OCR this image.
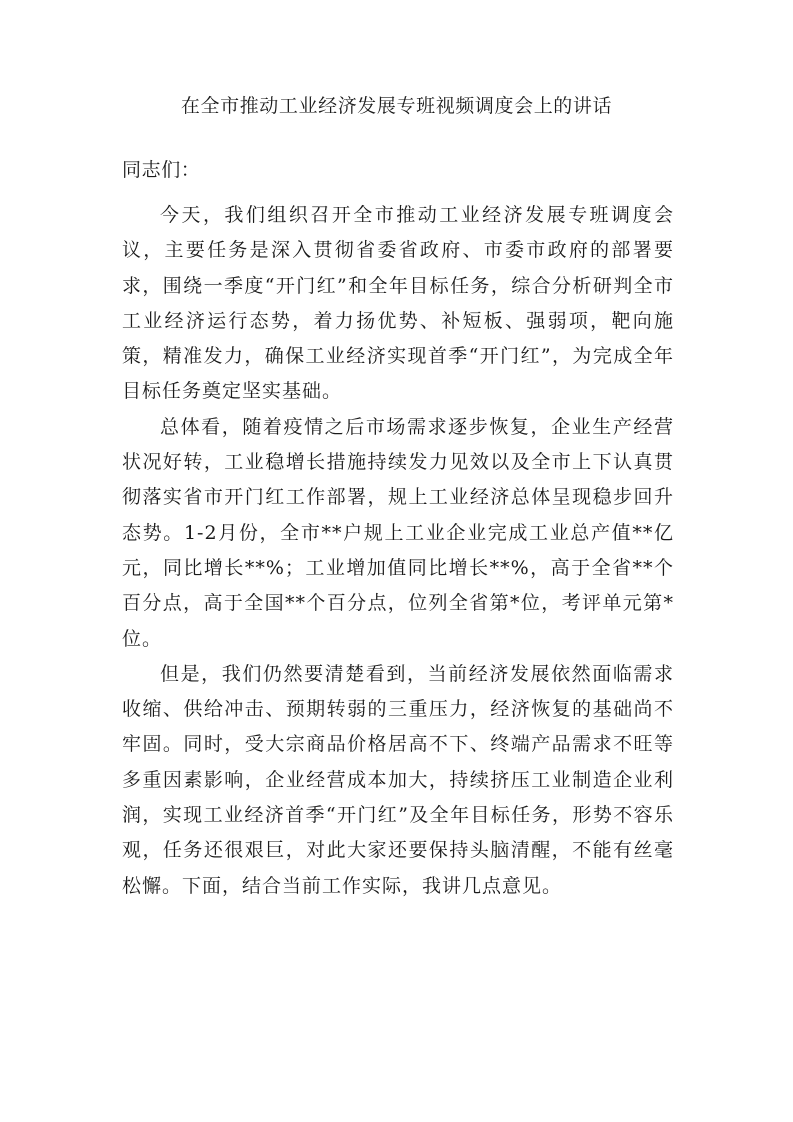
在全市推动工业经济发展专班视频调度会上的讲话
同志们：

今天，我们组织召开全市推动工业经济发展专班调度会议，主要任务是深入贯彻省委省政府、市委市政府的部署要求，围绕一季度“开门红”和全年目标任务，综合分析研判全市工业经济运行态势，着力扬优势、补短板、强弱项，靶向施策，精准发力，确保工业经济实现首季“开门红”，为完成全年目标任务奠定坚实基础。

总体看，随着疫情之后市场需求逐步恢复，企业生产经营状况好转，工业稳增长措施持续发力见效以及全市上下认真贯彻落实省市开门红工作部署，规上工业经济总体呈现稳步回升态势。1-2月份，全市**户规上工业企业完成工业总产值**亿元，同比增长**%；工业增加值同比增长**%，高于全省**个百分点，高于全国**个百分点，位列全省第*位，考评单元第*位。

但是，我们仍然要清楚看到，当前经济发展依然面临需求收缩、供给冲击、预期转弱的三重压力，经济恢复的基础尚不牢固。同时，受大宗商品价格居高不下、终端产品需求不旺等多重因素影响，企业经营成本加大，持续挤压工业制造企业利润，实现工业经济首季“开门红”及全年目标任务，形势不容乐观，任务还很艰巨，对此大家还要保持头脑清醒，不能有丝毫松懈。下面，结合当前工作实际，我讲几点意见。
